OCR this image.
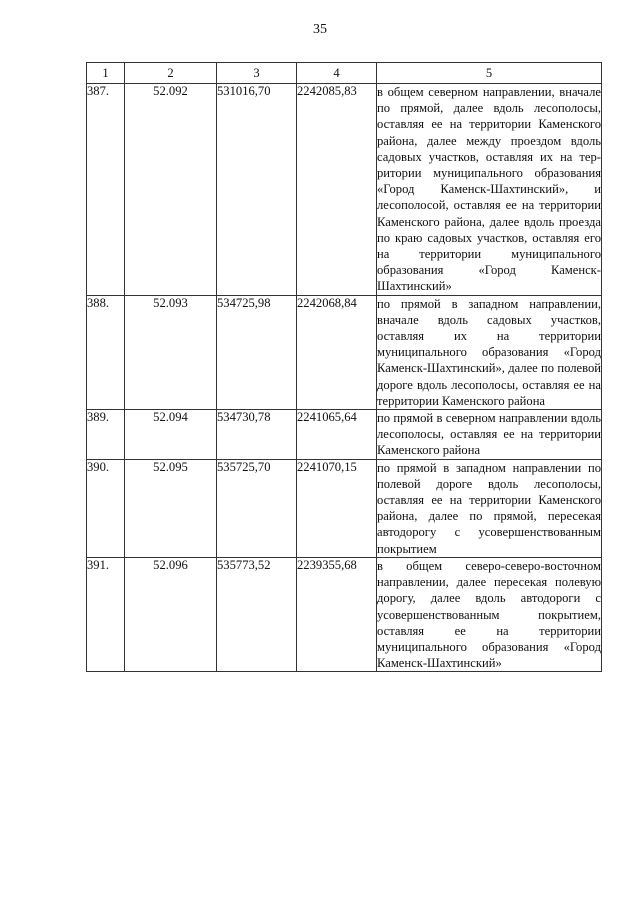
35
1	2	3	4	5
387.	52.092	531016,70	2242085,83	в общем северном направлении, вначале по прямой, далее вдоль лесополосы, оставляя ее на территории Каменского района, далее между проездом вдоль садовых участков, оставляя их на территории муниципального образования «Город Каменск-Шахтинский», и лесополосой, оставляя ее на территории Каменского района, далее вдоль проезда по краю садовых участков, оставляя его на территории муниципального образования «Город Каменск-Шахтинский»
388.	52.093	534725,98	2242068,84	по прямой в западном направлении, вначале вдоль садовых участков, оставляя их на территории муниципального образования «Город Каменск-Шахтинский», далее по полевой дороге вдоль лесополосы, оставляя ее на территории Каменского района
389.	52.094	534730,78	2241065,64	по прямой в северном направлении вдоль лесополосы, оставляя ее на территории Каменского района
390.	52.095	535725,70	2241070,15	по прямой в западном направлении по полевой дороге вдоль лесополосы, оставляя ее на территории Каменского района, далее по прямой, пересекая автодорогу с усовершенствованным покрытием
391.	52.096	535773,52	2239355,68	в общем северо-северо-восточном направлении, далее пересекая полевую дорогу, далее вдоль автодороги с усовершенствованным покрытием, оставляя ее на территории муниципального образования «Город Каменск-Шахтинский»
